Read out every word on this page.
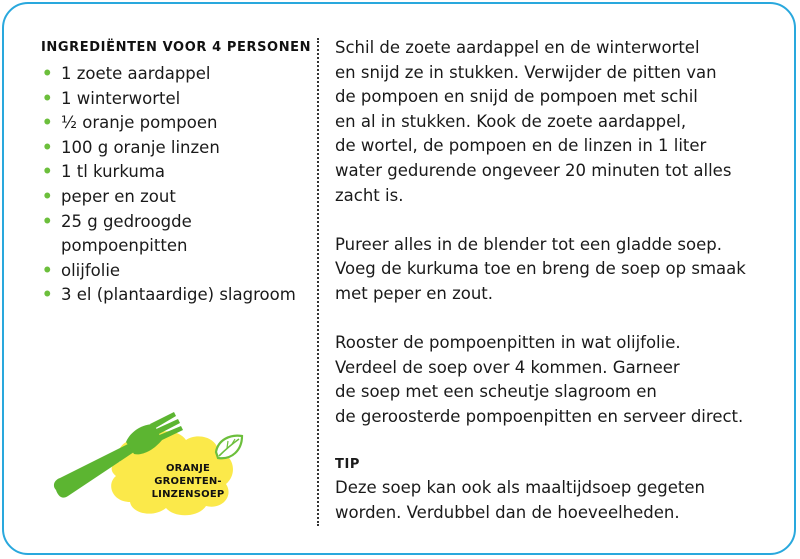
INGREDIËNTEN VOOR 4 PERSONEN
• 1 zoete aardappel
• 1 winterwortel
• ½ oranje pompoen
• 100 g oranje linzen
• 1 tl kurkuma
• peper en zout
• 25 g gedroogde
pompoenpitten
• olijfolie
• 3 el (plantaardige) slagroom

Schil de zoete aardappel en de winterwortel
en snijd ze in stukken. Verwijder de pitten van
de pompoen en snijd de pompoen met schil
en al in stukken. Kook de zoete aardappel,
de wortel, de pompoen en de linzen in 1 liter
water gedurende ongeveer 20 minuten tot alles
zacht is.

Pureer alles in de blender tot een gladde soep.
Voeg de kurkuma toe en breng de soep op smaak
met peper en zout.

Rooster de pompoenpitten in wat olijfolie.
Verdeel de soep over 4 kommen. Garneer
de soep met een scheutje slagroom en
de geroosterde pompoenpitten en serveer direct.

TIP

Deze soep kan ook als maaltijdsoep gegeten
worden. Verdubbel dan de hoeveelheden.

ORANJE
GROENTEN-
LINZENSOEP
